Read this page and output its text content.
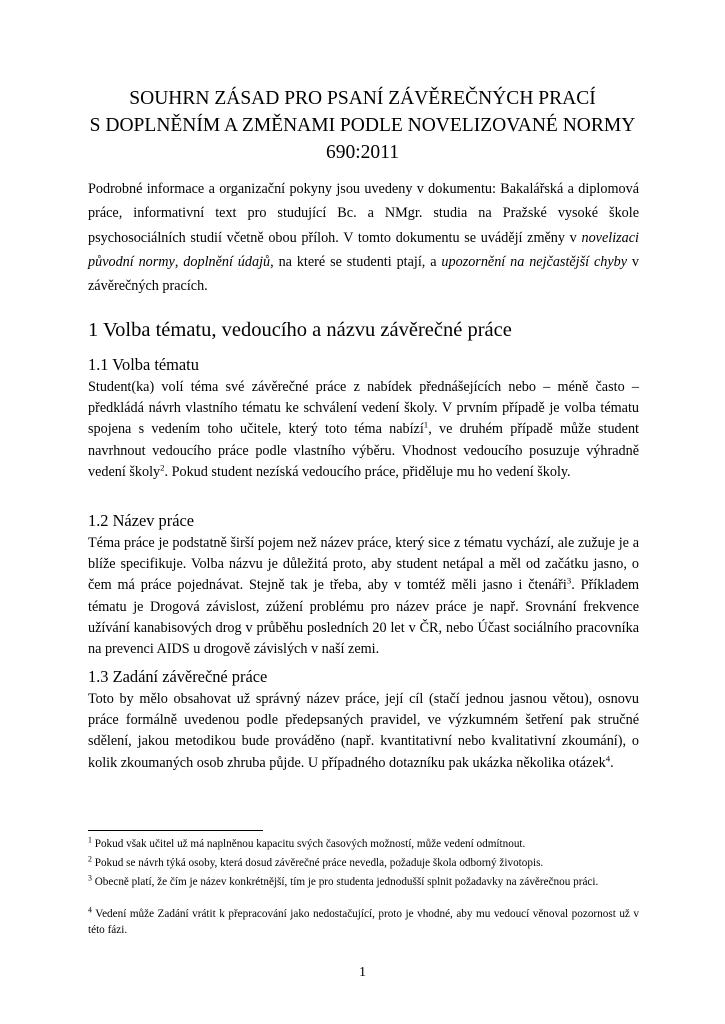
SOUHRN ZÁSAD PRO PSANÍ ZÁVĚREČNÝCH PRACÍ
S DOPLNĚNÍM A ZMĚNAMI PODLE NOVELIZOVANÉ NORMY
690:2011
Podrobné informace a organizační pokyny jsou uvedeny v dokumentu: Bakalářská a diplomová práce, informativní text pro studující Bc. a NMgr. studia na Pražské vysoké škole psychosociálních studií včetně obou příloh. V tomto dokumentu se uvádějí změny v novelizaci původní normy, doplnění údajů, na které se studenti ptají, a upozornění na nejčastější chyby v závěrečných pracích.
1 Volba tématu, vedoucího a názvu závěrečné práce
1.1 Volba tématu
Student(ka) volí téma své závěrečné práce z nabídek přednášejících nebo – méně často – předkládá návrh vlastního tématu ke schválení vedení školy. V prvním případě je volba tématu spojena s vedením toho učitele, který toto téma nabízí$^1$, ve druhém případě může student navrhnout vedoucího práce podle vlastního výběru. Vhodnost vedoucího posuzuje výhradně vedení školy$^2$. Pokud student nezíská vedoucího práce, přiděluje mu ho vedení školy.
1.2 Název práce
Téma práce je podstatně širší pojem než název práce, který sice z tématu vychází, ale zužuje je a blíže specifikuje. Volba názvu je důležitá proto, aby student netápal a měl od začátku jasno, o čem má práce pojednávat. Stejně tak je třeba, aby v tomtéž měli jasno i čtenáři$^3$. Příkladem tématu je Drogová závislost, zúžení problému pro název práce je např. Srovnání frekvence užívání kanabisových drog v průběhu posledních 20 let v ČR, nebo Účast sociálního pracovníka na prevenci AIDS u drogově závislých v naší zemi.
1.3 Zadání závěrečné práce
Toto by mělo obsahovat už správný název práce, její cíl (stačí jednou jasnou větou), osnovu práce formálně uvedenou podle předepsaných pravidel, ve výzkumném šetření pak stručné sdělení, jakou metodikou bude prováděno (např. kvantitativní nebo kvalitativní zkoumání), o kolik zkoumaných osob zhruba půjde. U případného dotazníku pak ukázka několika otázek$^4$.
$^1$ Pokud však učitel už má naplněnou kapacitu svých časových možností, může vedení odmítnout.
$^2$ Pokud se návrh týká osoby, která dosud závěrečné práce nevedla, požaduje škola odborný životopis.
$^3$ Obecně platí, že čím je název konkrétnější, tím je pro studenta jednodušší splnit požadavky na závěrečnou práci.
$^4$ Vedení může Zadání vrátit k přepracování jako nedostačující, proto je vhodné, aby mu vedoucí věnoval pozornost už v této fázi.
1
